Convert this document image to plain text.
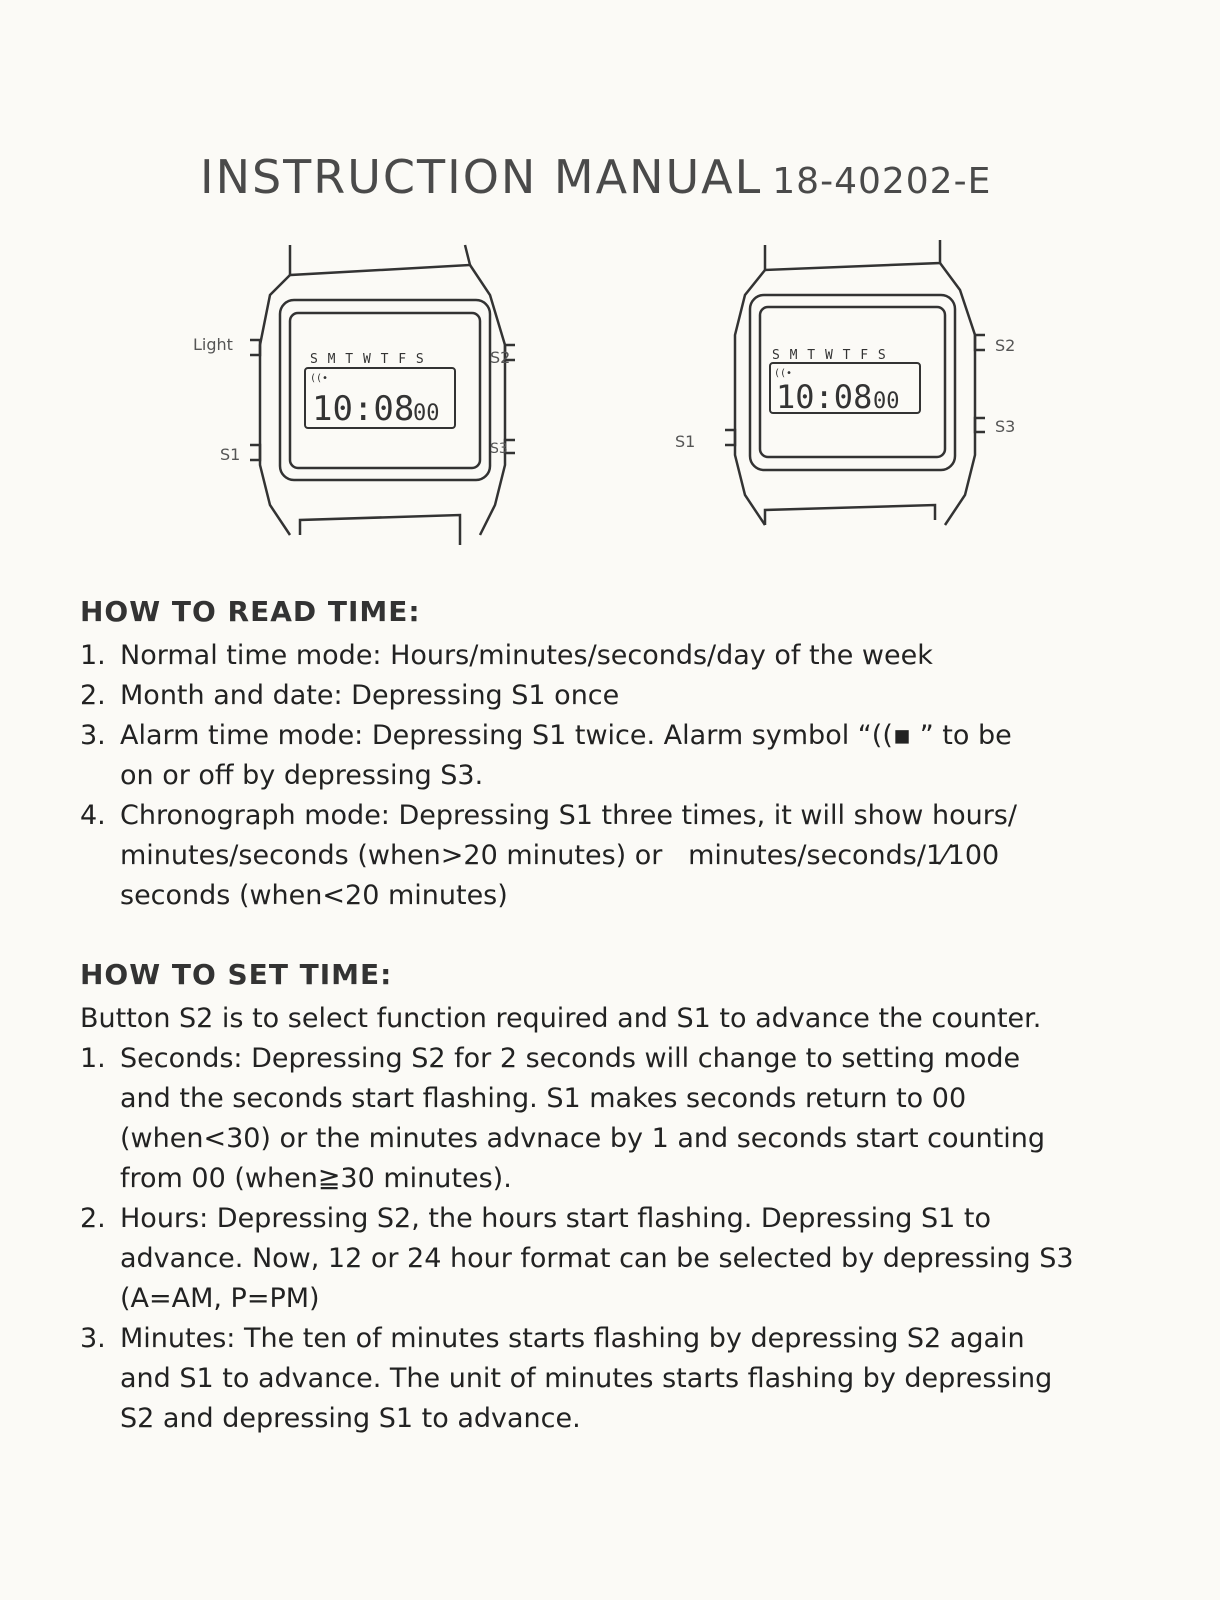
INSTRUCTION MANUAL 18-40202-E
Light
S1
S2
S3
S M T W T F S
((•
10:08
00
S1
S2
S3
S M T W T F S
((•
10:08 00
HOW TO READ TIME:
1. Normal time mode: Hours/minutes/seconds/day of the week
2. Month and date: Depressing S1 once
3. Alarm time mode: Depressing S1 twice. Alarm symbol “((▪ ” to be
on or off by depressing S3.
4. Chronograph mode: Depressing S1 three times, it will show hours/
minutes/seconds (when>20 minutes) or   minutes/seconds/1⁄100
seconds (when<20 minutes)
HOW TO SET TIME:
Button S2 is to select function required and S1 to advance the counter.
1. Seconds: Depressing S2 for 2 seconds will change to setting mode
and the seconds start flashing. S1 makes seconds return to 00
(when<30) or the minutes advnace by 1 and seconds start counting
from 00 (when≧30 minutes).
2. Hours: Depressing S2, the hours start flashing. Depressing S1 to
advance. Now, 12 or 24 hour format can be selected by depressing S3
(A=AM, P=PM)
3. Minutes: The ten of minutes starts flashing by depressing S2 again
and S1 to advance. The unit of minutes starts flashing by depressing
S2 and depressing S1 to advance.
